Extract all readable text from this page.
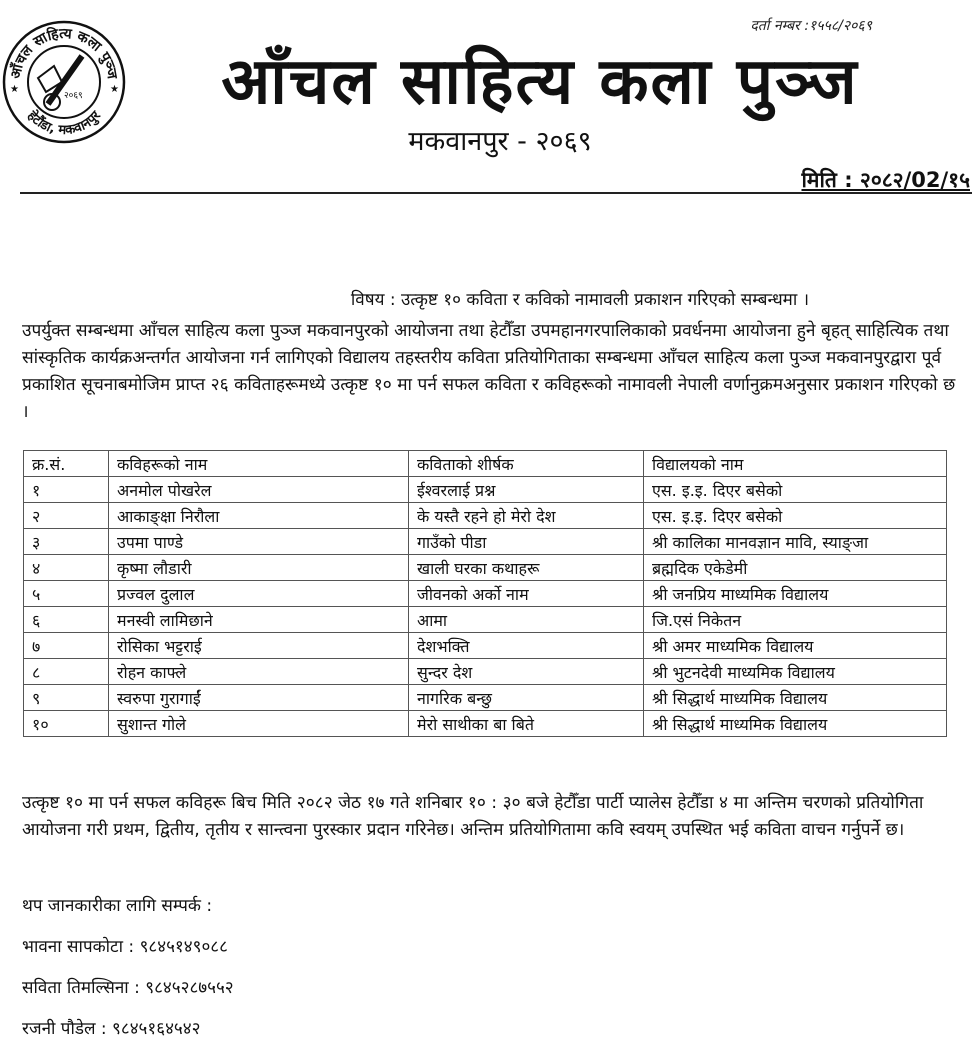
आँचल साहित्य कला पुञ्ज
हेटौंडा, मकवानपुर
★	★
२०६९
दर्ता नम्बर :१५५८/२०६९
आँचल साहित्य कला पुञ्ज
मकवानपुर - २०६९
मिति : २०८२/02/१५
विषय : उत्कृष्ट १० कविता र कविको नामावली प्रकाशन गरिएको सम्बन्धमा ।
उपर्युक्त सम्बन्धमा आँचल साहित्य कला पुञ्ज मकवानपुरको आयोजना तथा हेटौँडा उपमहानगरपालिकाको प्रवर्धनमा आयोजना हुने बृहत् साहित्यिक तथा सांस्कृतिक कार्यक्रअन्तर्गत आयोजना गर्न लागिएको विद्यालय तहस्तरीय कविता प्रतियोगिताका सम्बन्धमा आँचल साहित्य कला पुञ्ज मकवानपुरद्वारा पूर्व प्रकाशित सूचनाबमोजिम प्राप्त २६ कविताहरूमध्ये उत्कृष्ट १० मा पर्न सफल कविता र कविहरूको नामावली नेपाली वर्णानुक्रमअनुसार प्रकाशन गरिएको छ ।
क्र.सं.	कविहरूको नाम	कविताको शीर्षक	विद्यालयको नाम
१	अनमोल पोखरेल	ईश्वरलाई प्रश्न	एस. इ.इ. दिएर बसेको
२	आकाङ्क्षा निरौला	के यस्तै रहने हो मेरो देश	एस. इ.इ. दिएर बसेको
३	उपमा पाण्डे	गाउँको पीडा	श्री कालिका मानवज्ञान मावि, स्याङ्जा
४	कृष्मा लौडारी	खाली घरका कथाहरू	ब्रह्मदिक एकेडेमी
५	प्रज्वल दुलाल	जीवनको अर्को नाम	श्री जनप्रिय माध्यमिक विद्यालय
६	मनस्वी लामिछाने	आमा	जि.एसं निकेतन
७	रोसिका भट्टराई	देशभक्ति	श्री अमर माध्यमिक विद्यालय
८	रोहन काफ्ले	सुन्दर देश	श्री भुटनदेवी माध्यमिक विद्यालय
९	स्वरुपा गुरागाईं	नागरिक बन्छु	श्री सिद्धार्थ माध्यमिक विद्यालय
१०	सुशान्त गोले	मेरो साथीका बा बिते	श्री सिद्धार्थ माध्यमिक विद्यालय
उत्कृष्ट १० मा पर्न सफल कविहरू बिच मिति २०८२ जेठ १७ गते शनिबार १० : ३० बजे हेटौँडा पार्टी प्यालेस हेटौँडा ४ मा अन्तिम चरणको प्रतियोगिता आयोजना गरी प्रथम, द्वितीय, तृतीय र सान्त्वना पुरस्कार प्रदान गरिनेछ। अन्तिम प्रतियोगितामा कवि स्वयम् उपस्थित भई कविता वाचन गर्नुपर्ने छ।
थप जानकारीका लागि सम्पर्क :
भावना सापकोटा : ९८४५१४९०८८
सविता तिमल्सिना : ९८४५२८७५५२
रजनी पौडेल : ९८४५१६४५४२
